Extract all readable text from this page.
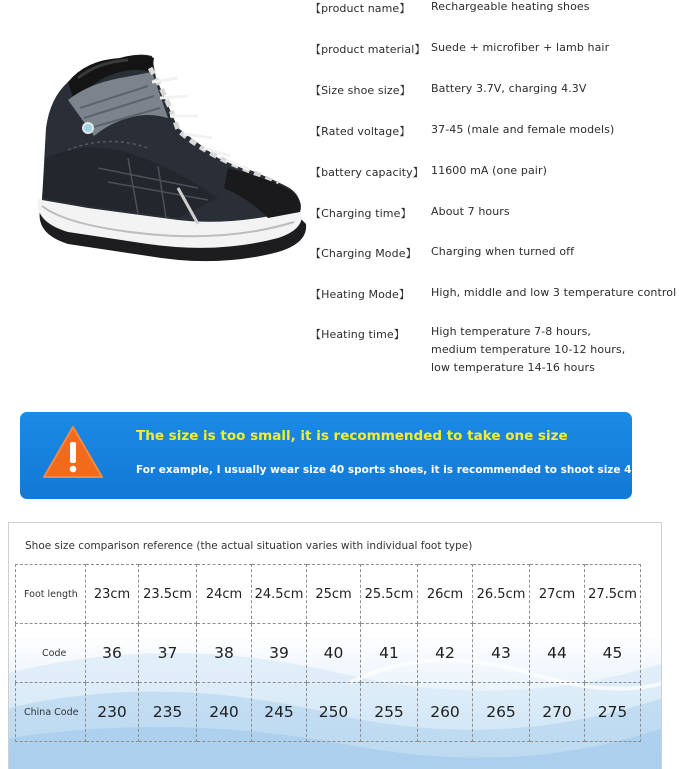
【product name】 Rechargeable heating shoes
【product material】 Suede + microfiber + lamb hair
【Size shoe size】 Battery 3.7V, charging 4.3V
【Rated voltage】 37-45 (male and female models)
【battery capacity】 11600 mA (one pair)
【Charging time】 About 7 hours
【Charging Mode】 Charging when turned off
【Heating Mode】 High, middle and low 3 temperature control
【Heating time】 High temperature 7-8 hours,
medium temperature 10-12 hours,
low temperature 14-16 hours
The size is too small, it is recommended to take one size
For example, I usually wear size 40 sports shoes, it is recommended to shoot size 41
Shoe size comparison reference (the actual situation varies with individual foot type)
Foot length	23cm	23.5cm	24cm	24.5cm	25cm	25.5cm	26cm	26.5cm	27cm	27.5cm
Code	36	37	38	39	40	41	42	43	44	45
China Code	230	235	240	245	250	255	260	265	270	275
